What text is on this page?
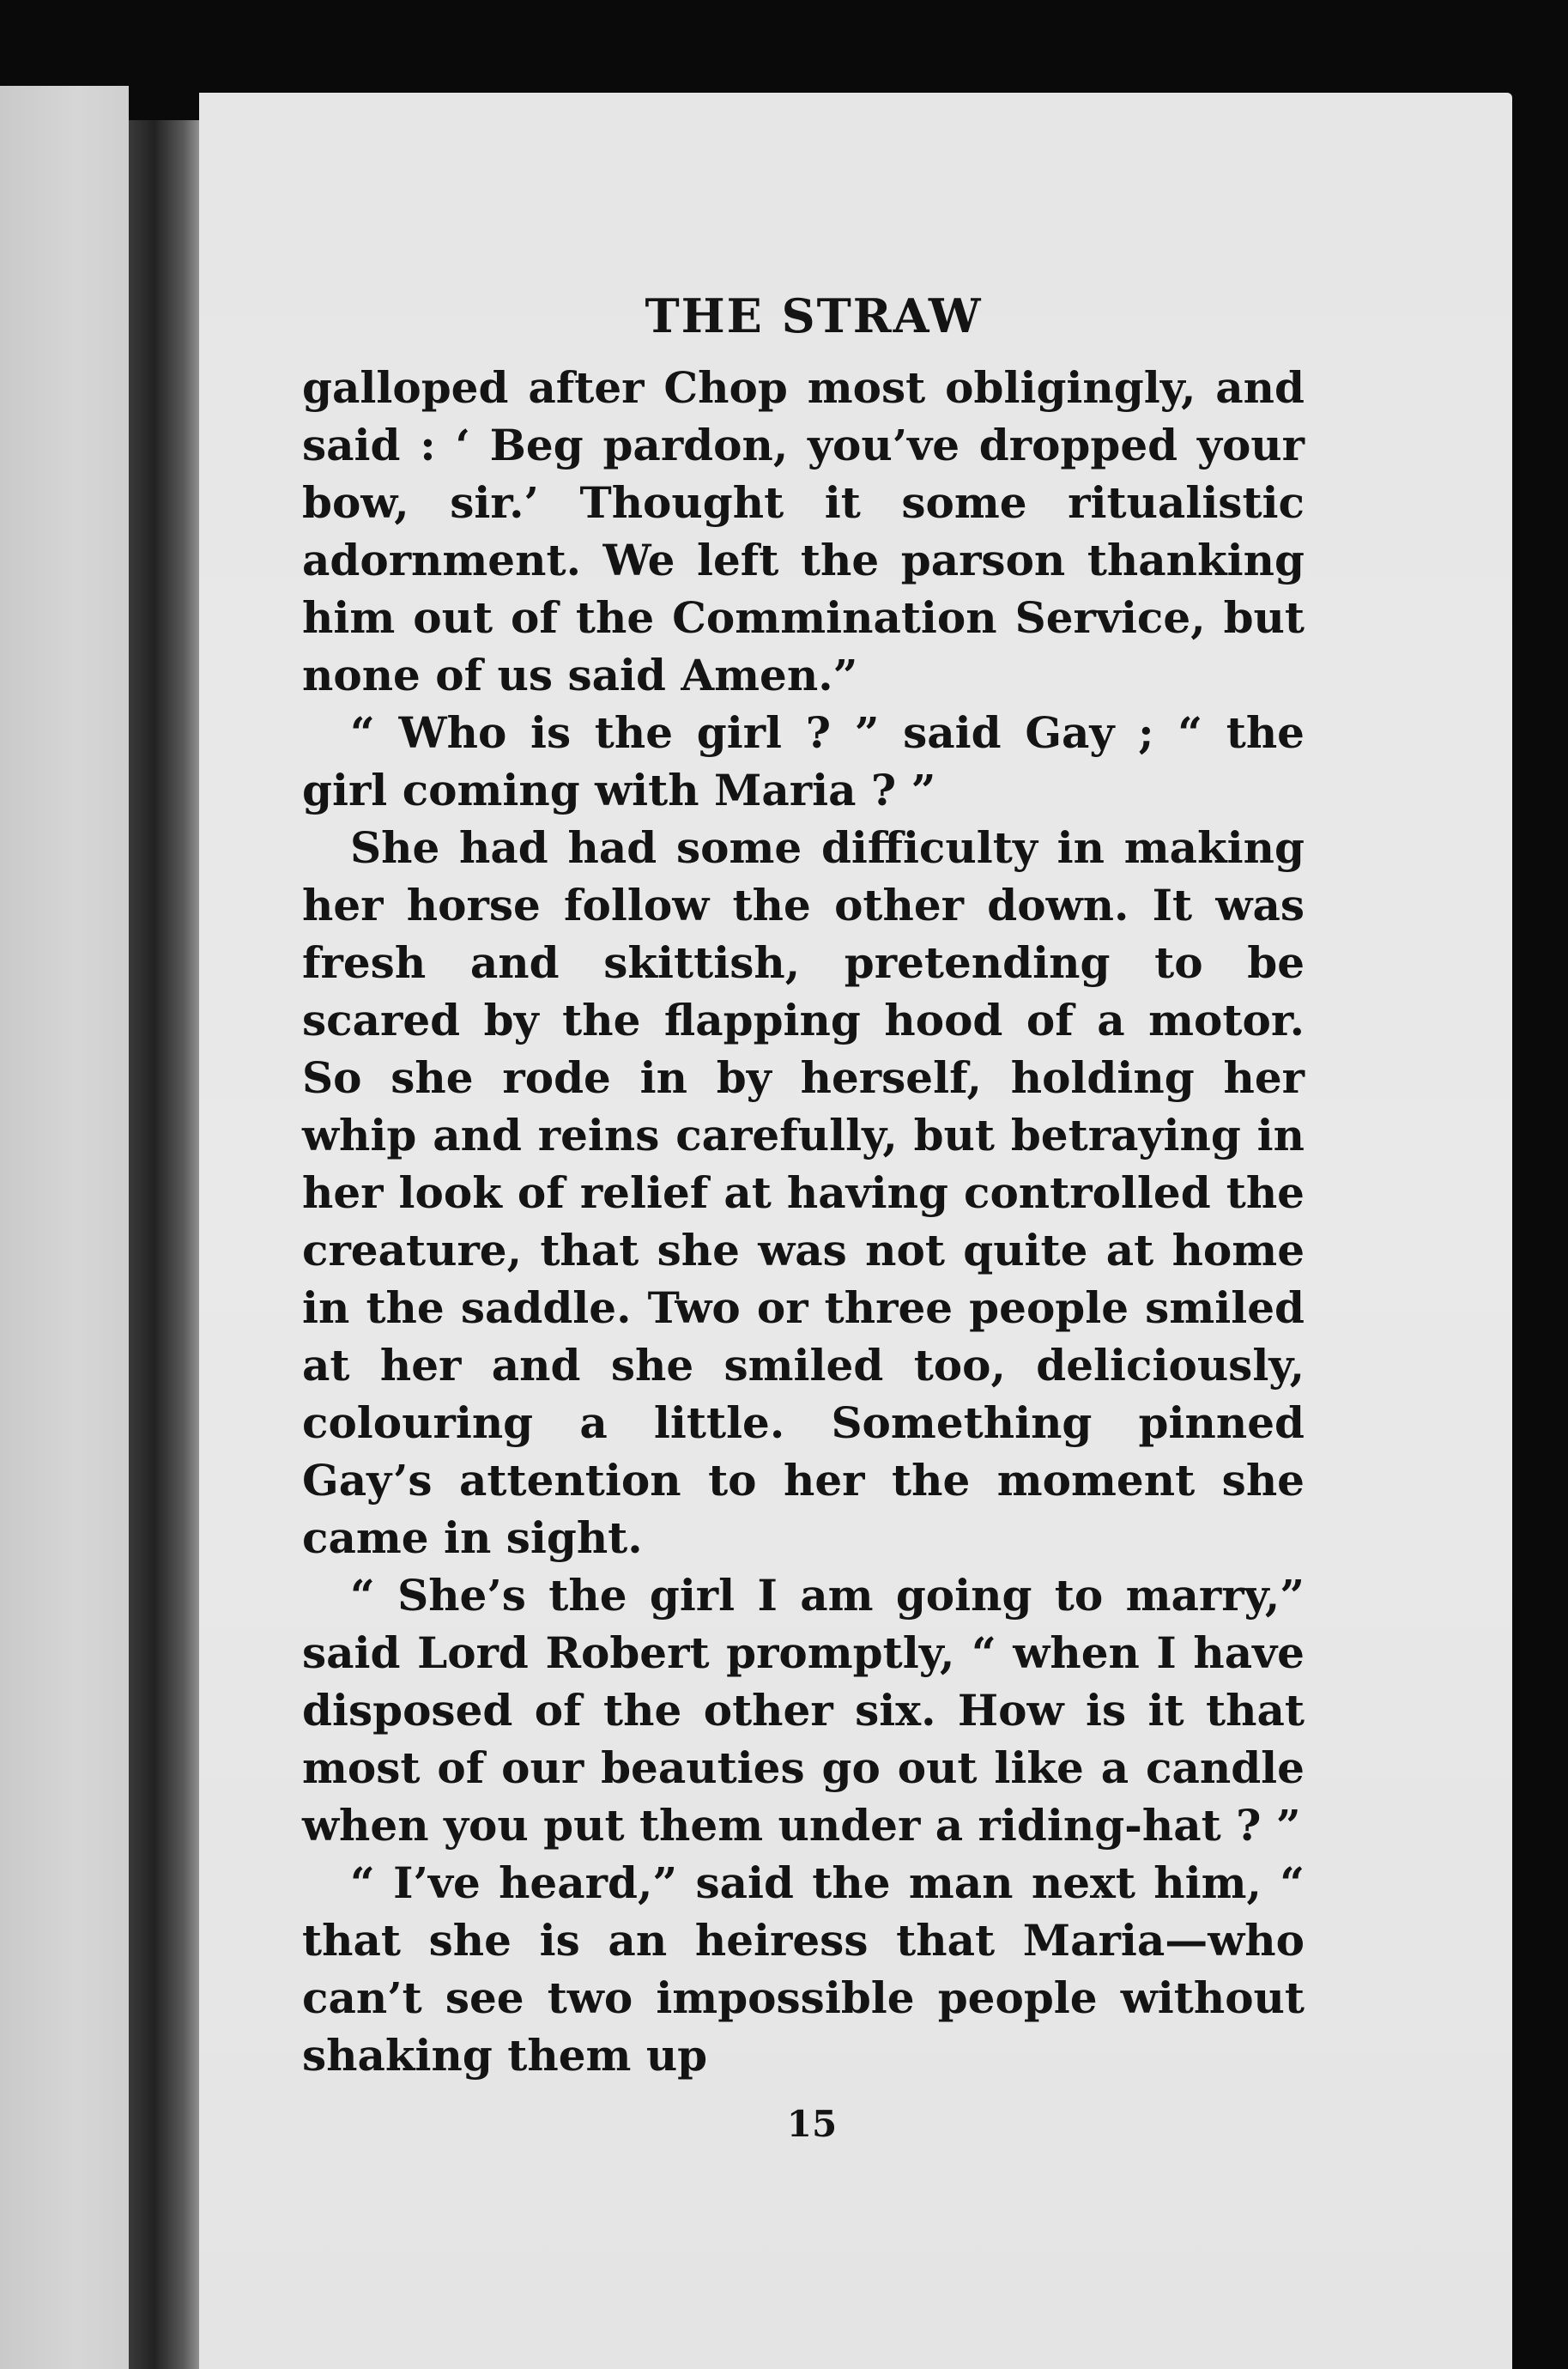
THE STRAW

galloped after Chop most obligingly, and said : ‘ Beg pardon, you’ve dropped your bow, sir.’ Thought it some ritualistic adornment. We left the parson thanking him out of the Commination Service, but none of us said Amen.”

“ Who is the girl ? ” said Gay ; “ the girl coming with Maria ? ”

She had had some difficulty in making her horse follow the other down. It was fresh and skittish, pretending to be scared by the flapping hood of a motor. So she rode in by herself, holding her whip and reins carefully, but betraying in her look of relief at having controlled the creature, that she was not quite at home in the saddle. Two or three people smiled at her and she smiled too, deliciously, colouring a little. Something pinned Gay’s attention to her the moment she came in sight.

“ She’s the girl I am going to marry,” said Lord Robert promptly, “ when I have disposed of the other six. How is it that most of our beauties go out like a candle when you put them under a riding-hat ? ”

“ I’ve heard,” said the man next him, “ that she is an heiress that Maria—who can’t see two impossible people without shaking them up

15
